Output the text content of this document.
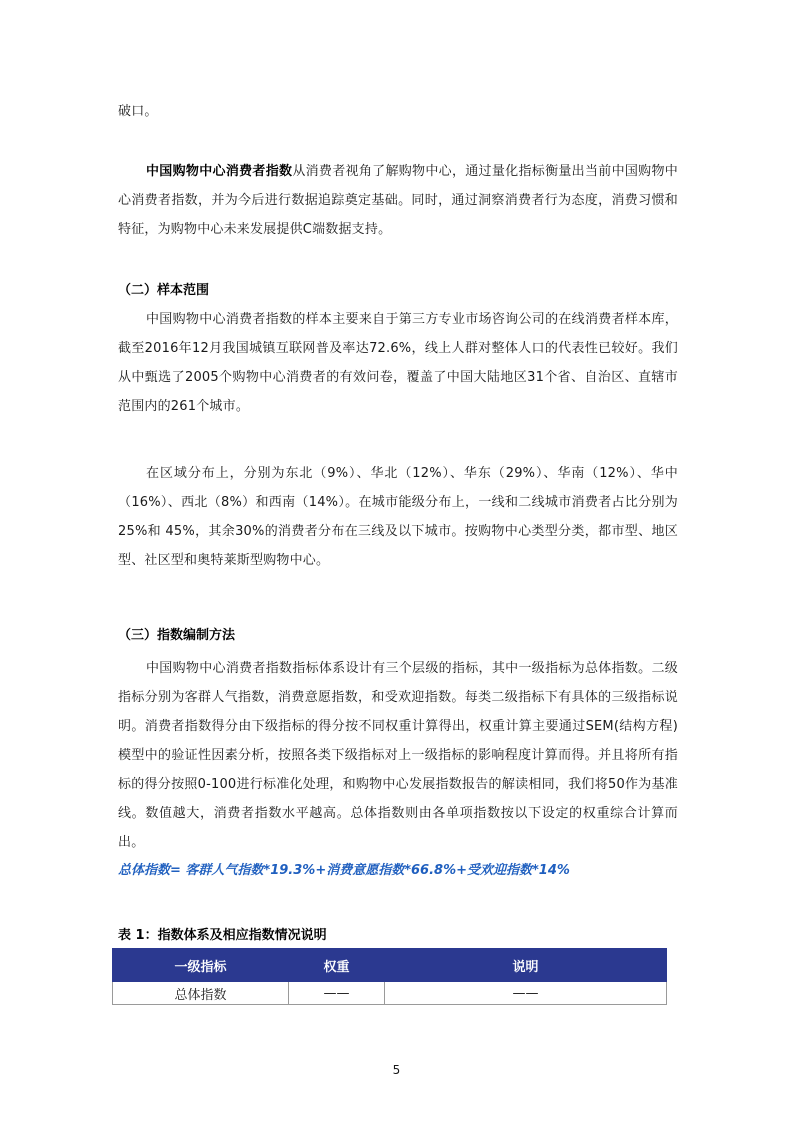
破口。

中国购物中心消费者指数从消费者视角了解购物中心，通过量化指标衡量出当前中国购物中心消费者指数，并为今后进行数据追踪奠定基础。同时，通过洞察消费者行为态度，消费习惯和特征，为购物中心未来发展提供C端数据支持。

（二）样本范围

中国购物中心消费者指数的样本主要来自于第三方专业市场咨询公司的在线消费者样本库，截至2016年12月我国城镇互联网普及率达72.6%，线上人群对整体人口的代表性已较好。我们从中甄选了2005个购物中心消费者的有效问卷，覆盖了中国大陆地区31个省、自治区、直辖市范围内的261个城市。

在区域分布上，分别为东北（9%）、华北（12%）、华东（29%）、华南（12%）、华中（16%）、西北（8%）和西南（14%）。在城市能级分布上，一线和二线城市消费者占比分别为25%和 45%，其余30%的消费者分布在三线及以下城市。按购物中心类型分类，都市型、地区型、社区型和奥特莱斯型购物中心。

（三）指数编制方法

中国购物中心消费者指数指标体系设计有三个层级的指标，其中一级指标为总体指数。二级指标分别为客群人气指数，消费意愿指数，和受欢迎指数。每类二级指标下有具体的三级指标说明。消费者指数得分由下级指标的得分按不同权重计算得出，权重计算主要通过SEM(结构方程)模型中的验证性因素分析，按照各类下级指标对上一级指标的影响程度计算而得。并且将所有指标的得分按照0-100进行标准化处理，和购物中心发展指数报告的解读相同，我们将50作为基准线。数值越大，消费者指数水平越高。总体指数则由各单项指数按以下设定的权重综合计算而出。

总体指数= 客群人气指数*19.3%+消费意愿指数*66.8%+受欢迎指数*14%

表 1：指数体系及相应指数情况说明

一级指标	权重	说明
总体指数	——	——

5
